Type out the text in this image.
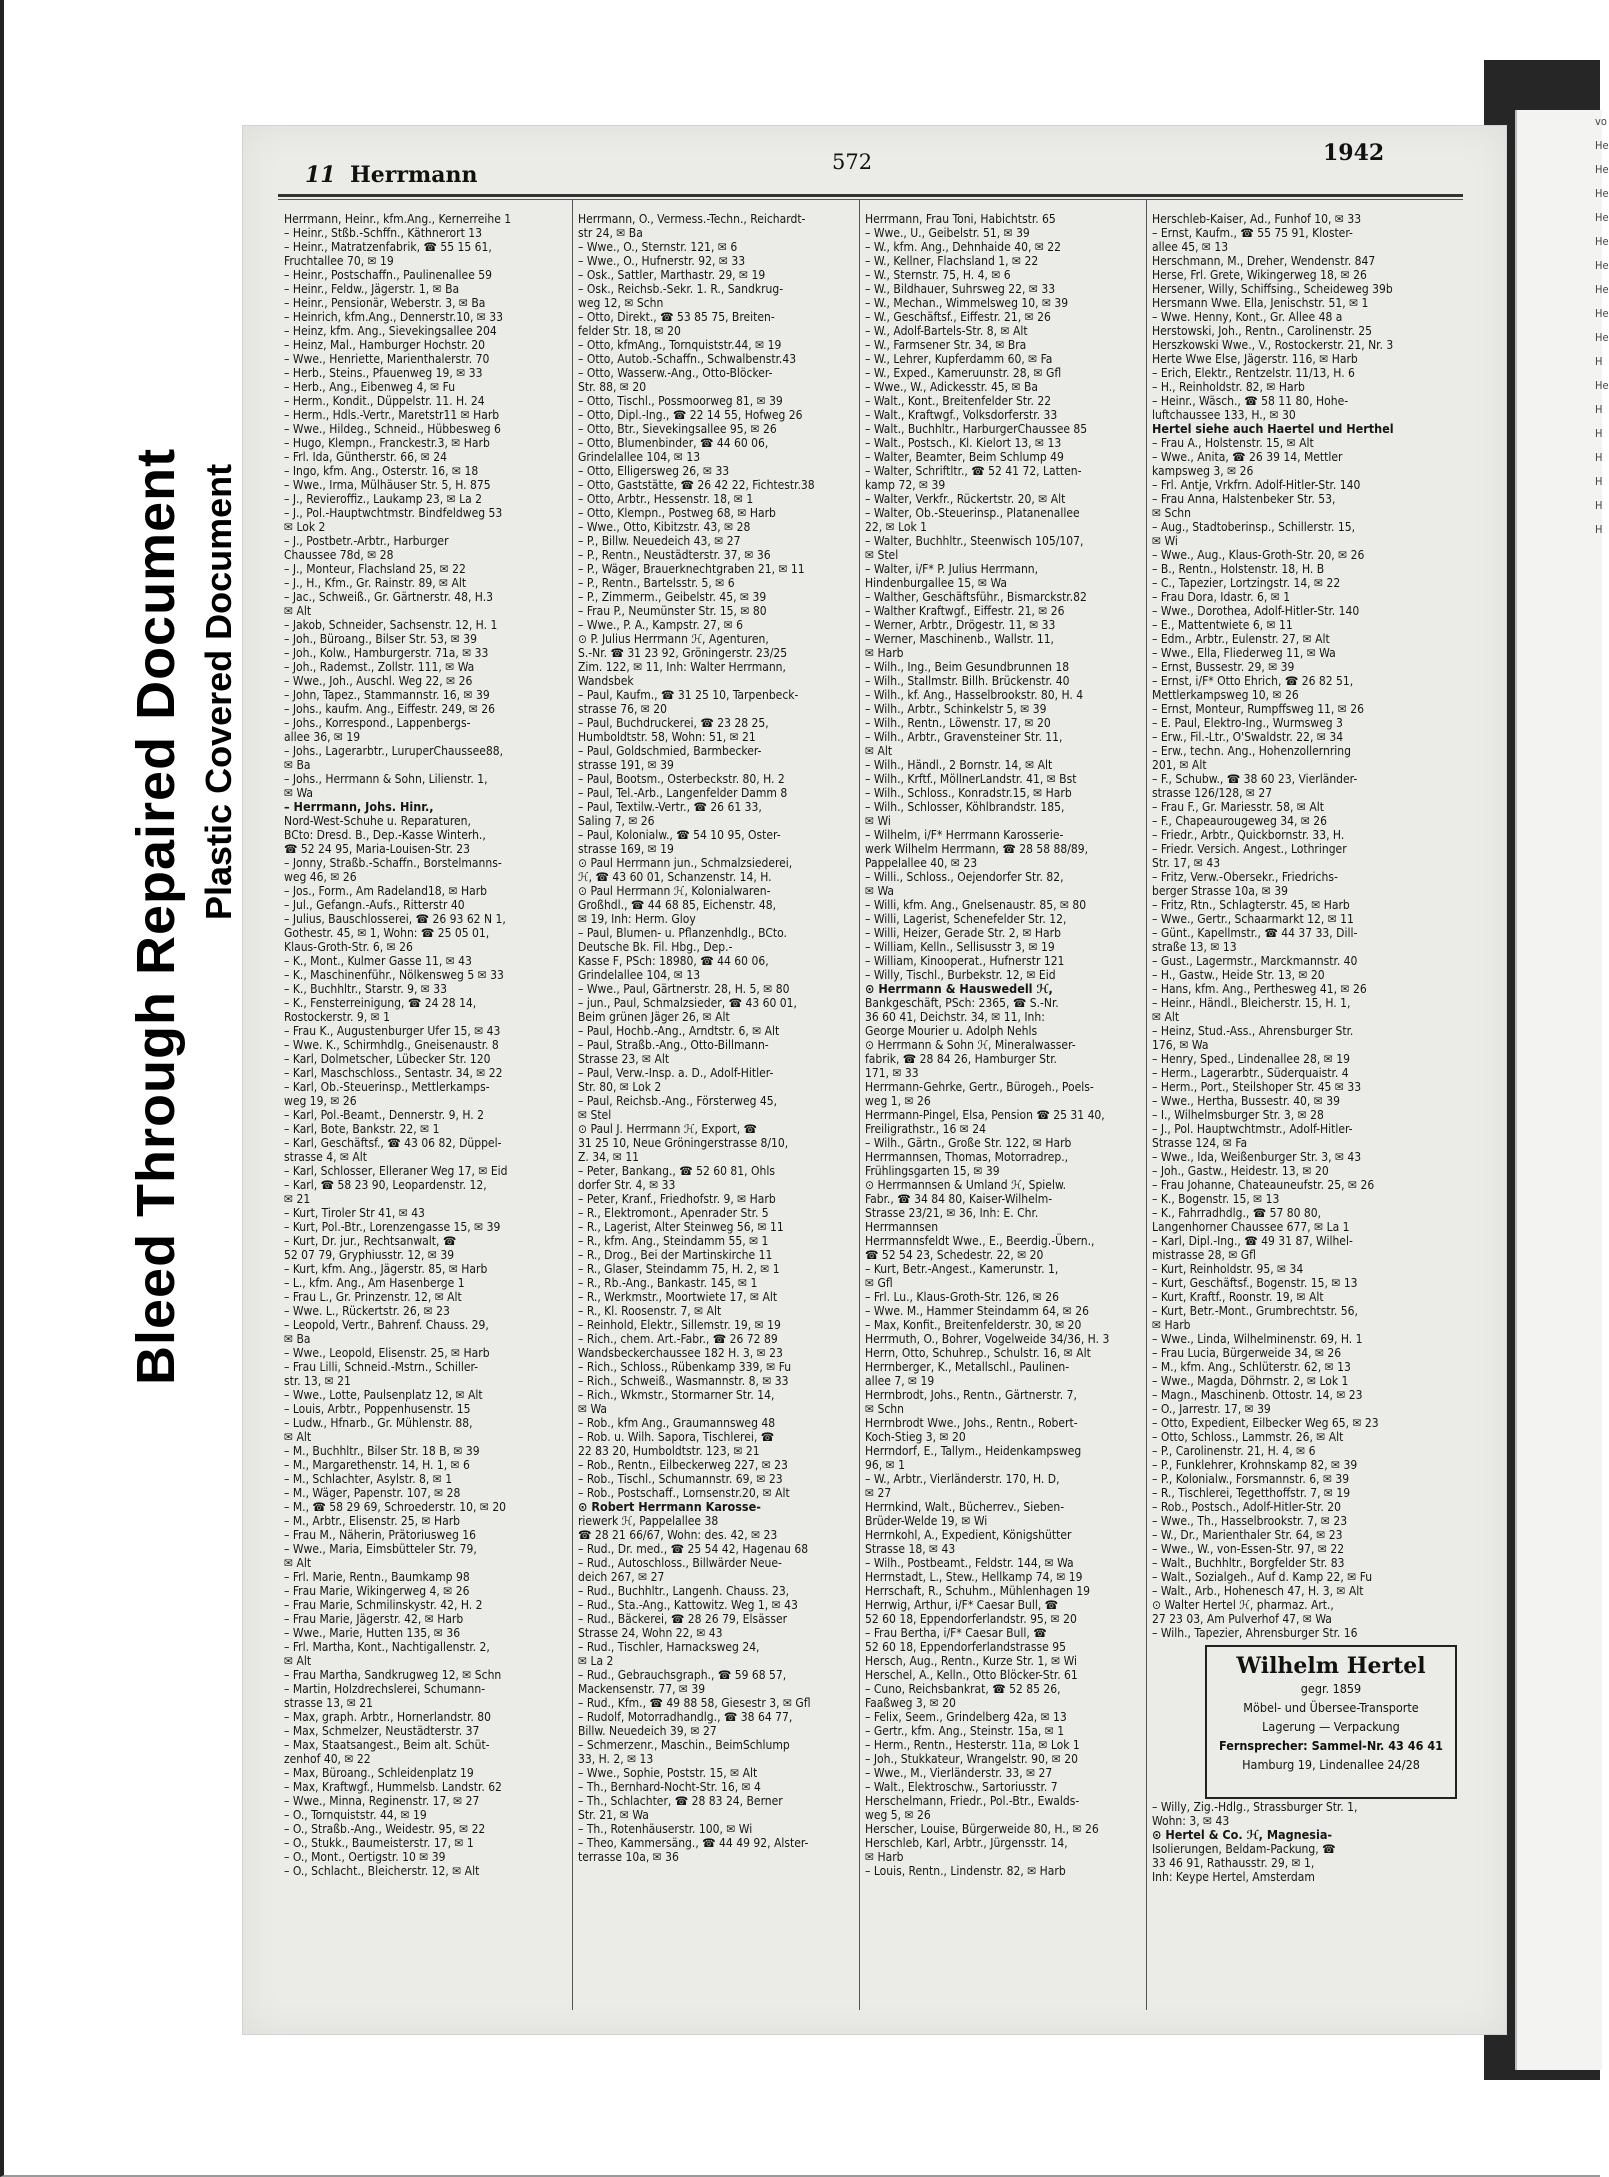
vo
He
He
He
He
He
He
He
He
He
H
He
H
H
H
H
H
H
Bleed Through Repaired Document Plastic Covered Document
11 Herrmann	572	1942
Herrmann, Heinr., kfm.Ang., Kernerreihe 1
– Heinr., Stßb.-Schffn., Käthnerort 13
– Heinr., Matratzenfabrik, ☎ 55 15 61,
Fruchtallee 70, ✉ 19
– Heinr., Postschaffn., Paulinenallee 59
– Heinr., Feldw., Jägerstr. 1, ✉ Ba
– Heinr., Pensionär, Weberstr. 3, ✉ Ba
– Heinrich, kfm.Ang., Dennerstr.10, ✉ 33
– Heinz, kfm. Ang., Sievekingsallee 204
– Heinz, Mal., Hamburger Hochstr. 20
– Wwe., Henriette, Marienthalerstr. 70
– Herb., Steins., Pfauenweg 19, ✉ 33
– Herb., Ang., Eibenweg 4, ✉ Fu
– Herm., Kondit., Düppelstr. 11. H. 24
– Herm., Hdls.-Vertr., Maretstr11 ✉ Harb
– Wwe., Hildeg., Schneid., Hübbesweg 6
– Hugo, Klempn., Franckestr.3, ✉ Harb
– Frl. Ida, Güntherstr. 66, ✉ 24
– Ingo, kfm. Ang., Osterstr. 16, ✉ 18
– Wwe., Irma, Mülhäuser Str. 5, H. 875
– J., Revieroffiz., Laukamp 23, ✉ La 2
– J., Pol.-Hauptwchtmstr. Bindfeldweg 53
✉ Lok 2
– J., Postbetr.-Arbtr., Harburger
Chaussee 78d, ✉ 28
– J., Monteur, Flachsland 25, ✉ 22
– J., H., Kfm., Gr. Rainstr. 89, ✉ Alt
– Jac., Schweiß., Gr. Gärtnerstr. 48, H.3
✉ Alt
– Jakob, Schneider, Sachsenstr. 12, H. 1
– Joh., Büroang., Bilser Str. 53, ✉ 39
– Joh., Kolw., Hamburgerstr. 71a, ✉ 33
– Joh., Rademst., Zollstr. 111, ✉ Wa
– Wwe., Joh., Auschl. Weg 22, ✉ 26
– John, Tapez., Stammannstr. 16, ✉ 39
– Johs., kaufm. Ang., Eiffestr. 249, ✉ 26
– Johs., Korrespond., Lappenbergs-
allee 36, ✉ 19
– Johs., Lagerarbtr., LuruperChaussee88,
✉ Ba
– Johs., Herrmann & Sohn, Lilienstr. 1,
✉ Wa
– Herrmann, Johs. Hinr.,
Nord-West-Schuhe u. Reparaturen,
BCto: Dresd. B., Dep.-Kasse Winterh.,
☎ 52 24 95, Maria-Louisen-Str. 23
– Jonny, Straßb.-Schaffn., Borstelmanns-
weg 46, ✉ 26
– Jos., Form., Am Radeland18, ✉ Harb
– Jul., Gefangn.-Aufs., Ritterstr 40
– Julius, Bauschlosserei, ☎ 26 93 62 N 1,
Gothestr. 45, ✉ 1, Wohn: ☎ 25 05 01,
Klaus-Groth-Str. 6, ✉ 26
– K., Mont., Kulmer Gasse 11, ✉ 43
– K., Maschinenführ., Nölkensweg 5 ✉ 33
– K., Buchhltr., Starstr. 9, ✉ 33
– K., Fensterreinigung, ☎ 24 28 14,
Rostockerstr. 9, ✉ 1
– Frau K., Augustenburger Ufer 15, ✉ 43
– Wwe. K., Schirmhdlg., Gneisenaustr. 8
– Karl, Dolmetscher, Lübecker Str. 120
– Karl, Maschschloss., Sentastr. 34, ✉ 22
– Karl, Ob.-Steuerinsp., Mettlerkamps-
weg 19, ✉ 26
– Karl, Pol.-Beamt., Dennerstr. 9, H. 2
– Karl, Bote, Bankstr. 22, ✉ 1
– Karl, Geschäftsf., ☎ 43 06 82, Düppel-
strasse 4, ✉ Alt
– Karl, Schlosser, Elleraner Weg 17, ✉ Eid
– Karl, ☎ 58 23 90, Leopardenstr. 12,
✉ 21
– Kurt, Tiroler Str 41, ✉ 43
– Kurt, Pol.-Btr., Lorenzengasse 15, ✉ 39
– Kurt, Dr. jur., Rechtsanwalt, ☎
52 07 79, Gryphiusstr. 12, ✉ 39
– Kurt, kfm. Ang., Jägerstr. 85, ✉ Harb
– L., kfm. Ang., Am Hasenberge 1
– Frau L., Gr. Prinzenstr. 12, ✉ Alt
– Wwe. L., Rückertstr. 26, ✉ 23
– Leopold, Vertr., Bahrenf. Chauss. 29,
✉ Ba
– Wwe., Leopold, Elisenstr. 25, ✉ Harb
– Frau Lilli, Schneid.-Mstrn., Schiller-
str. 13, ✉ 21
– Wwe., Lotte, Paulsenplatz 12, ✉ Alt
– Louis, Arbtr., Poppenhusenstr. 15
– Ludw., Hfnarb., Gr. Mühlenstr. 88,
✉ Alt
– M., Buchhltr., Bilser Str. 18 B, ✉ 39
– M., Margarethenstr. 14, H. 1, ✉ 6
– M., Schlachter, Asylstr. 8, ✉ 1
– M., Wäger, Papenstr. 107, ✉ 28
– M., ☎ 58 29 69, Schroederstr. 10, ✉ 20
– M., Arbtr., Elisenstr. 25, ✉ Harb
– Frau M., Näherin, Prätoriusweg 16
– Wwe., Maria, Eimsbütteler Str. 79,
✉ Alt
– Frl. Marie, Rentn., Baumkamp 98
– Frau Marie, Wikingerweg 4, ✉ 26
– Frau Marie, Schmilinskystr. 42, H. 2
– Frau Marie, Jägerstr. 42, ✉ Harb
– Wwe., Marie, Hutten 135, ✉ 36
– Frl. Martha, Kont., Nachtigallenstr. 2,
✉ Alt
– Frau Martha, Sandkrugweg 12, ✉ Schn
– Martin, Holzdrechslerei, Schumann-
strasse 13, ✉ 21
– Max, graph. Arbtr., Hornerlandstr. 80
– Max, Schmelzer, Neustädterstr. 37
– Max, Staatsangest., Beim alt. Schüt-
zenhof 40, ✉ 22
– Max, Büroang., Schleidenplatz 19
– Max, Kraftwgf., Hummelsb. Landstr. 62
– Wwe., Minna, Reginenstr. 17, ✉ 27
– O., Tornquiststr. 44, ✉ 19
– O., Straßb.-Ang., Weidestr. 95, ✉ 22
– O., Stukk., Baumeisterstr. 17, ✉ 1
– O., Mont., Oertigstr. 10 ✉ 39
– O., Schlacht., Bleicherstr. 12, ✉ Alt
Herrmann, O., Vermess.-Techn., Reichardt-
str 24, ✉ Ba
– Wwe., O., Sternstr. 121, ✉ 6
– Wwe., O., Hufnerstr. 92, ✉ 33
– Osk., Sattler, Marthastr. 29, ✉ 19
– Osk., Reichsb.-Sekr. 1. R., Sandkrug-
weg 12, ✉ Schn
– Otto, Direkt., ☎ 53 85 75, Breiten-
felder Str. 18, ✉ 20
– Otto, kfmAng., Tornquiststr.44, ✉ 19
– Otto, Autob.-Schaffn., Schwalbenstr.43
– Otto, Wasserw.-Ang., Otto-Blöcker-
Str. 88, ✉ 20
– Otto, Tischl., Possmoorweg 81, ✉ 39
– Otto, Dipl.-Ing., ☎ 22 14 55, Hofweg 26
– Otto, Btr., Sievekingsallee 95, ✉ 26
– Otto, Blumenbinder, ☎ 44 60 06,
Grindelallee 104, ✉ 13
– Otto, Elligersweg 26, ✉ 33
– Otto, Gaststätte, ☎ 26 42 22, Fichtestr.38
– Otto, Arbtr., Hessenstr. 18, ✉ 1
– Otto, Klempn., Postweg 68, ✉ Harb
– Wwe., Otto, Kibitzstr. 43, ✉ 28
– P., Billw. Neuedeich 43, ✉ 27
– P., Rentn., Neustädterstr. 37, ✉ 36
– P., Wäger, Brauerknechtgraben 21, ✉ 11
– P., Rentn., Bartelsstr. 5, ✉ 6
– P., Zimmerm., Geibelstr. 45, ✉ 39
– Frau P., Neumünster Str. 15, ✉ 80
– Wwe., P. A., Kampstr. 27, ✉ 6
⊙ P. Julius Herrmann ℋ, Agenturen,
S.-Nr. ☎ 31 23 92, Gröningerstr. 23/25
Zim. 122, ✉ 11, Inh: Walter Herrmann,
Wandsbek
– Paul, Kaufm., ☎ 31 25 10, Tarpenbeck-
strasse 76, ✉ 20
– Paul, Buchdruckerei, ☎ 23 28 25,
Humboldtstr. 58, Wohn: 51, ✉ 21
– Paul, Goldschmied, Barmbecker-
strasse 191, ✉ 39
– Paul, Bootsm., Osterbeckstr. 80, H. 2
– Paul, Tel.-Arb., Langenfelder Damm 8
– Paul, Textilw.-Vertr., ☎ 26 61 33,
Saling 7, ✉ 26
– Paul, Kolonialw., ☎ 54 10 95, Oster-
strasse 169, ✉ 19
⊙ Paul Herrmann jun., Schmalzsiederei,
ℋ, ☎ 43 60 01, Schanzenstr. 14, H.
⊙ Paul Herrmann ℋ, Kolonialwaren-
Großhdl., ☎ 44 68 85, Eichenstr. 48,
✉ 19, Inh: Herm. Gloy
– Paul, Blumen- u. Pflanzenhdlg., BCto.
Deutsche Bk. Fil. Hbg., Dep.-
Kasse F, PSch: 18980, ☎ 44 60 06,
Grindelallee 104, ✉ 13
– Wwe., Paul, Gärtnerstr. 28, H. 5, ✉ 80
– jun., Paul, Schmalzsieder, ☎ 43 60 01,
Beim grünen Jäger 26, ✉ Alt
– Paul, Hochb.-Ang., Arndtstr. 6, ✉ Alt
– Paul, Straßb.-Ang., Otto-Billmann-
Strasse 23, ✉ Alt
– Paul, Verw.-Insp. a. D., Adolf-Hitler-
Str. 80, ✉ Lok 2
– Paul, Reichsb.-Ang., Försterweg 45,
✉ Stel
⊙ Paul J. Herrmann ℋ, Export, ☎
31 25 10, Neue Gröningerstrasse 8/10,
Z. 34, ✉ 11
– Peter, Bankang., ☎ 52 60 81, Ohls
dorfer Str. 4, ✉ 33
– Peter, Kranf., Friedhofstr. 9, ✉ Harb
– R., Elektromont., Apenrader Str. 5
– R., Lagerist, Alter Steinweg 56, ✉ 11
– R., kfm. Ang., Steindamm 55, ✉ 1
– R., Drog., Bei der Martinskirche 11
– R., Glaser, Steindamm 75, H. 2, ✉ 1
– R., Rb.-Ang., Bankastr. 145, ✉ 1
– R., Werkmstr., Moortwiete 17, ✉ Alt
– R., Kl. Roosenstr. 7, ✉ Alt
– Reinhold, Elektr., Sillemstr. 19, ✉ 19
– Rich., chem. Art.-Fabr., ☎ 26 72 89
Wandsbeckerchaussee 182 H. 3, ✉ 23
– Rich., Schloss., Rübenkamp 339, ✉ Fu
– Rich., Schweiß., Wasmannstr. 8, ✉ 33
– Rich., Wkmstr., Stormarner Str. 14,
✉ Wa
– Rob., kfm Ang., Graumannsweg 48
– Rob. u. Wilh. Sapora, Tischlerei, ☎
22 83 20, Humboldtstr. 123, ✉ 21
– Rob., Rentn., Eilbeckerweg 227, ✉ 23
– Rob., Tischl., Schumannstr. 69, ✉ 23
– Rob., Postschaff., Lornsenstr.20, ✉ Alt
⊙ Robert Herrmann Karosse-
riewerk ℋ, Pappelallee 38
☎ 28 21 66/67, Wohn: des. 42, ✉ 23
– Rud., Dr. med., ☎ 25 54 42, Hagenau 68
– Rud., Autoschloss., Billwärder Neue-
deich 267, ✉ 27
– Rud., Buchhltr., Langenh. Chauss. 23,
– Rud., Sta.-Ang., Kattowitz. Weg 1, ✉ 43
– Rud., Bäckerei, ☎ 28 26 79, Elsässer
Strasse 24, Wohn 22, ✉ 43
– Rud., Tischler, Harnacksweg 24,
✉ La 2
– Rud., Gebrauchsgraph., ☎ 59 68 57,
Mackensenstr. 77, ✉ 39
– Rud., Kfm., ☎ 49 88 58, Giesestr 3, ✉ Gfl
– Rudolf, Motorradhandlg., ☎ 38 64 77,
Billw. Neuedeich 39, ✉ 27
– Schmerzenr., Maschin., BeimSchlump
33, H. 2, ✉ 13
– Wwe., Sophie, Poststr. 15, ✉ Alt
– Th., Bernhard-Nocht-Str. 16, ✉ 4
– Th., Schlachter, ☎ 28 83 24, Berner
Str. 21, ✉ Wa
– Th., Rotenhäuserstr. 100, ✉ Wi
– Theo, Kammersäng., ☎ 44 49 92, Alster-
terrasse 10a, ✉ 36
Herrmann, Frau Toni, Habichtstr. 65
– Wwe., U., Geibelstr. 51, ✉ 39
– W., kfm. Ang., Dehnhaide 40, ✉ 22
– W., Kellner, Flachsland 1, ✉ 22
– W., Sternstr. 75, H. 4, ✉ 6
– W., Bildhauer, Suhrsweg 22, ✉ 33
– W., Mechan., Wimmelsweg 10, ✉ 39
– W., Geschäftsf., Eiffestr. 21, ✉ 26
– W., Adolf-Bartels-Str. 8, ✉ Alt
– W., Farmsener Str. 34, ✉ Bra
– W., Lehrer, Kupferdamm 60, ✉ Fa
– W., Exped., Kameruunstr. 28, ✉ Gfl
– Wwe., W., Adickesstr. 45, ✉ Ba
– Walt., Kont., Breitenfelder Str. 22
– Walt., Kraftwgf., Volksdorferstr. 33
– Walt., Buchhltr., HarburgerChaussee 85
– Walt., Postsch., Kl. Kielort 13, ✉ 13
– Walter, Beamter, Beim Schlump 49
– Walter, Schriftltr., ☎ 52 41 72, Latten-
kamp 72, ✉ 39
– Walter, Verkfr., Rückertstr. 20, ✉ Alt
– Walter, Ob.-Steuerinsp., Platanenallee
22, ✉ Lok 1
– Walter, Buchhltr., Steenwisch 105/107,
✉ Stel
– Walter, i/F* P. Julius Herrmann,
Hindenburgallee 15, ✉ Wa
– Walther, Geschäftsführ., Bismarckstr.82
– Walther Kraftwgf., Eiffestr. 21, ✉ 26
– Werner, Arbtr., Drögestr. 11, ✉ 33
– Werner, Maschinenb., Wallstr. 11,
✉ Harb
– Wilh., Ing., Beim Gesundbrunnen 18
– Wilh., Stallmstr. Billh. Brückenstr. 40
– Wilh., kf. Ang., Hasselbrookstr. 80, H. 4
– Wilh., Arbtr., Schinkelstr 5, ✉ 39
– Wilh., Rentn., Löwenstr. 17, ✉ 20
– Wilh., Arbtr., Gravensteiner Str. 11,
✉ Alt
– Wilh., Händl., 2 Bornstr. 14, ✉ Alt
– Wilh., Krftf., MöllnerLandstr. 41, ✉ Bst
– Wilh., Schloss., Konradstr.15, ✉ Harb
– Wilh., Schlosser, Köhlbrandstr. 185,
✉ Wi
– Wilhelm, i/F* Herrmann Karosserie-
werk Wilhelm Herrmann, ☎ 28 58 88/89,
Pappelallee 40, ✉ 23
– Willi., Schloss., Oejendorfer Str. 82,
✉ Wa
– Willi, kfm. Ang., Gnelsenaustr. 85, ✉ 80
– Willi, Lagerist, Schenefelder Str. 12,
– Willi, Heizer, Gerade Str. 2, ✉ Harb
– William, Kelln., Sellisusstr 3, ✉ 19
– William, Kinooperat., Hufnerstr 121
– Willy, Tischl., Burbekstr. 12, ✉ Eid
⊙ Herrmann & Hauswedell ℋ,
Bankgeschäft, PSch: 2365, ☎ S.-Nr.
36 60 41, Deichstr. 34, ✉ 11, Inh:
George Mourier u. Adolph Nehls
⊙ Herrmann & Sohn ℋ, Mineralwasser-
fabrik, ☎ 28 84 26, Hamburger Str.
171, ✉ 33
Herrmann-Gehrke, Gertr., Bürogeh., Poels-
weg 1, ✉ 26
Herrmann-Pingel, Elsa, Pension ☎ 25 31 40,
Freiligrathstr., 16 ✉ 24
– Wilh., Gärtn., Große Str. 122, ✉ Harb
Herrmannsen, Thomas, Motorradrep.,
Frühlingsgarten 15, ✉ 39
⊙ Herrmannsen & Umland ℋ, Spielw.
Fabr., ☎ 34 84 80, Kaiser-Wilhelm-
Strasse 23/21, ✉ 36, Inh: E. Chr.
Herrmannsen
Herrmannsfeldt Wwe., E., Beerdig.-Übern.,
☎ 52 54 23, Schedestr. 22, ✉ 20
– Kurt, Betr.-Angest., Kamerunstr. 1,
✉ Gfl
– Frl. Lu., Klaus-Groth-Str. 126, ✉ 26
– Wwe. M., Hammer Steindamm 64, ✉ 26
– Max, Konfit., Breitenfelderstr. 30, ✉ 20
Herrmuth, O., Bohrer, Vogelweide 34/36, H. 3
Herrn, Otto, Schuhrep., Schulstr. 16, ✉ Alt
Herrnberger, K., Metallschl., Paulinen-
allee 7, ✉ 19
Herrnbrodt, Johs., Rentn., Gärtnerstr. 7,
✉ Schn
Herrnbrodt Wwe., Johs., Rentn., Robert-
Koch-Stieg 3, ✉ 20
Herrndorf, E., Tallym., Heidenkampsweg
96, ✉ 1
– W., Arbtr., Vierländerstr. 170, H. D,
✉ 27
Herrnkind, Walt., Bücherrev., Sieben-
Brüder-Welde 19, ✉ Wi
Herrnkohl, A., Expedient, Königshütter
Strasse 18, ✉ 43
– Wilh., Postbeamt., Feldstr. 144, ✉ Wa
Herrnstadt, L., Stew., Hellkamp 74, ✉ 19
Herrschaft, R., Schuhm., Mühlenhagen 19
Herrwig, Arthur, i/F* Caesar Bull, ☎
52 60 18, Eppendorferlandstr. 95, ✉ 20
– Frau Bertha, i/F* Caesar Bull, ☎
52 60 18, Eppendorferlandstrasse 95
Hersch, Aug., Rentn., Kurze Str. 1, ✉ Wi
Herschel, A., Kelln., Otto Blöcker-Str. 61
– Cuno, Reichsbankrat, ☎ 52 85 26,
Faaßweg 3, ✉ 20
– Felix, Seem., Grindelberg 42a, ✉ 13
– Gertr., kfm. Ang., Steinstr. 15a, ✉ 1
– Herm., Rentn., Hesterstr. 11a, ✉ Lok 1
– Joh., Stukkateur, Wrangelstr. 90, ✉ 20
– Wwe., M., Vierländerstr. 33, ✉ 27
– Walt., Elektroschw., Sartoriusstr. 7
Herschelmann, Friedr., Pol.-Btr., Ewalds-
weg 5, ✉ 26
Herscher, Louise, Bürgerweide 80, H., ✉ 26
Herschleb, Karl, Arbtr., Jürgensstr. 14,
✉ Harb
– Louis, Rentn., Lindenstr. 82, ✉ Harb
Herschleb-Kaiser, Ad., Funhof 10, ✉ 33
– Ernst, Kaufm., ☎ 55 75 91, Kloster-
allee 45, ✉ 13
Herschmann, M., Dreher, Wendenstr. 847
Herse, Frl. Grete, Wikingerweg 18, ✉ 26
Hersener, Willy, Schiffsing., Scheideweg 39b
Hersmann Wwe. Ella, Jenischstr. 51, ✉ 1
– Wwe. Henny, Kont., Gr. Allee 48 a
Herstowski, Joh., Rentn., Carolinenstr. 25
Herszkowski Wwe., V., Rostockerstr. 21, Nr. 3
Herte Wwe Else, Jägerstr. 116, ✉ Harb
– Erich, Elektr., Rentzelstr. 11/13, H. 6
– H., Reinholdstr. 82, ✉ Harb
– Heinr., Wäsch., ☎ 58 11 80, Hohe-
luftchaussee 133, H., ✉ 30
Hertel siehe auch Haertel und Herthel
– Frau A., Holstenstr. 15, ✉ Alt
– Wwe., Anita, ☎ 26 39 14, Mettler
kampsweg 3, ✉ 26
– Frl. Antje, Vrkfrn. Adolf-Hitler-Str. 140
– Frau Anna, Halstenbeker Str. 53,
✉ Schn
– Aug., Stadtoberinsp., Schillerstr. 15,
✉ Wi
– Wwe., Aug., Klaus-Groth-Str. 20, ✉ 26
– B., Rentn., Holstenstr. 18, H. B
– C., Tapezier, Lortzingstr. 14, ✉ 22
– Frau Dora, Idastr. 6, ✉ 1
– Wwe., Dorothea, Adolf-Hitler-Str. 140
– E., Mattentwiete 6, ✉ 11
– Edm., Arbtr., Eulenstr. 27, ✉ Alt
– Wwe., Ella, Fliederweg 11, ✉ Wa
– Ernst, Bussestr. 29, ✉ 39
– Ernst, i/F* Otto Ehrich, ☎ 26 82 51,
Mettlerkampsweg 10, ✉ 26
– Ernst, Monteur, Rumpffsweg 11, ✉ 26
– E. Paul, Elektro-Ing., Wurmsweg 3
– Erw., Fil.-Ltr., O'Swaldstr. 22, ✉ 34
– Erw., techn. Ang., Hohenzollernring
201, ✉ Alt
– F., Schubw., ☎ 38 60 23, Vierländer-
strasse 126/128, ✉ 27
– Frau F., Gr. Mariesstr. 58, ✉ Alt
– F., Chapeaurougeweg 34, ✉ 26
– Friedr., Arbtr., Quickbornstr. 33, H.
– Friedr. Versich. Angest., Lothringer
Str. 17, ✉ 43
– Fritz, Verw.-Obersekr., Friedrichs-
berger Strasse 10a, ✉ 39
– Fritz, Rtn., Schlagterstr. 45, ✉ Harb
– Wwe., Gertr., Schaarmarkt 12, ✉ 11
– Günt., Kapellmstr., ☎ 44 37 33, Dill-
straße 13, ✉ 13
– Gust., Lagermstr., Marckmannstr. 40
– H., Gastw., Heide Str. 13, ✉ 20
– Hans, kfm. Ang., Perthesweg 41, ✉ 26
– Heinr., Händl., Bleicherstr. 15, H. 1,
✉ Alt
– Heinz, Stud.-Ass., Ahrensburger Str.
176, ✉ Wa
– Henry, Sped., Lindenallee 28, ✉ 19
– Herm., Lagerarbtr., Süderquaistr. 4
– Herm., Port., Steilshoper Str. 45 ✉ 33
– Wwe., Hertha, Bussestr. 40, ✉ 39
– I., Wilhelmsburger Str. 3, ✉ 28
– J., Pol. Hauptwchtmstr., Adolf-Hitler-
Strasse 124, ✉ Fa
– Wwe., Ida, Weißenburger Str. 3, ✉ 43
– Joh., Gastw., Heidestr. 13, ✉ 20
– Frau Johanne, Chateauneufstr. 25, ✉ 26
– K., Bogenstr. 15, ✉ 13
– K., Fahrradhdlg., ☎ 57 80 80,
Langenhorner Chaussee 677, ✉ La 1
– Karl, Dipl.-Ing., ☎ 49 31 87, Wilhel-
mistrasse 28, ✉ Gfl
– Kurt, Reinholdstr. 95, ✉ 34
– Kurt, Geschäftsf., Bogenstr. 15, ✉ 13
– Kurt, Kraftf., Roonstr. 19, ✉ Alt
– Kurt, Betr.-Mont., Grumbrechtstr. 56,
✉ Harb
– Wwe., Linda, Wilhelminenstr. 69, H. 1
– Frau Lucia, Bürgerweide 34, ✉ 26
– M., kfm. Ang., Schlüterstr. 62, ✉ 13
– Wwe., Magda, Döhrnstr. 2, ✉ Lok 1
– Magn., Maschinenb. Ottostr. 14, ✉ 23
– O., Jarrestr. 17, ✉ 39
– Otto, Expedient, Eilbecker Weg 65, ✉ 23
– Otto, Schloss., Lammstr. 26, ✉ Alt
– P., Carolinenstr. 21, H. 4, ✉ 6
– P., Funklehrer, Krohnskamp 82, ✉ 39
– P., Kolonialw., Forsmannstr. 6, ✉ 39
– R., Tischlerei, Tegetthoffstr. 7, ✉ 19
– Rob., Postsch., Adolf-Hitler-Str. 20
– Wwe., Th., Hasselbrookstr. 7, ✉ 23
– W., Dr., Marienthaler Str. 64, ✉ 23
– Wwe., W., von-Essen-Str. 97, ✉ 22
– Walt., Buchhltr., Borgfelder Str. 83
– Walt., Sozialgeh., Auf d. Kamp 22, ✉ Fu
– Walt., Arb., Hohenesch 47, H. 3, ✉ Alt
⊙ Walter Hertel ℋ, pharmaz. Art.,
27 23 03, Am Pulverhof 47, ✉ Wa
– Wilh., Tapezier, Ahrensburger Str. 16
Wilhelm Hertel
gegr. 1859
Möbel- und Übersee-Transporte
Lagerung — Verpackung
Fernsprecher: Sammel-Nr. 43 46 41
Hamburg 19, Lindenallee 24/28
– Willy, Zig.-Hdlg., Strassburger Str. 1,
Wohn: 3, ✉ 43
⊙ Hertel & Co. ℋ, Magnesia-
Isolierungen, Beldam-Packung, ☎
33 46 91, Rathausstr. 29, ✉ 1,
Inh: Keype Hertel, Amsterdam
